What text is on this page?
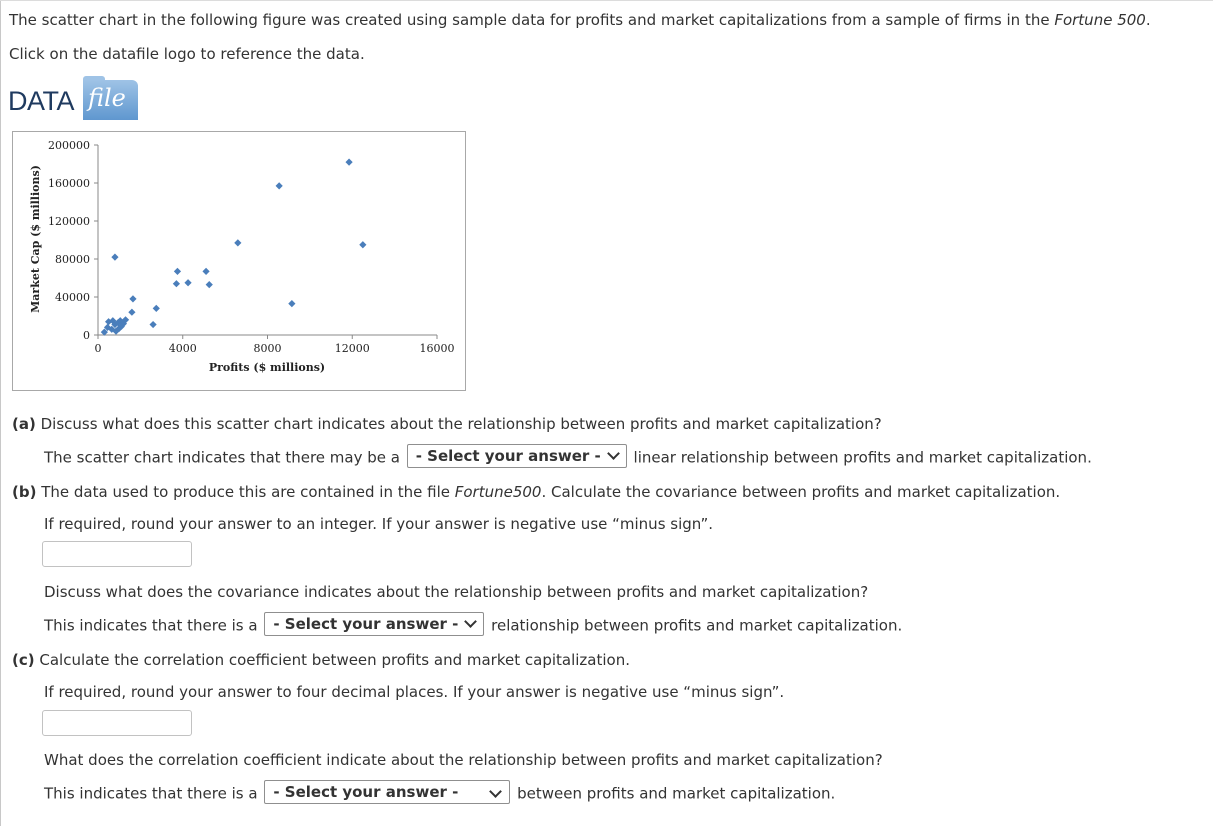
The scatter chart in the following figure was created using sample data for profits and market capitalizations from a sample of firms in the Fortune 500.
Click on the datafile logo to reference the data.
DATA file
0
40000
80000
120000
160000
200000
0	4000	8000	12000	16000
Profits ($ millions)
Market Cap ($ millions)
(a) Discuss what does this scatter chart indicates about the relationship between profits and market capitalization?
The scatter chart indicates that there may be a - Select your answer - linear relationship between profits and market capitalization.
(b) The data used to produce this are contained in the file Fortune500. Calculate the covariance between profits and market capitalization.
If required, round your answer to an integer. If your answer is negative use “minus sign”.
Discuss what does the covariance indicates about the relationship between profits and market capitalization?
This indicates that there is a - Select your answer - relationship between profits and market capitalization.
(c) Calculate the correlation coefficient between profits and market capitalization.
If required, round your answer to four decimal places. If your answer is negative use “minus sign”.
What does the correlation coefficient indicate about the relationship between profits and market capitalization?
This indicates that there is a - Select your answer -	between profits and market capitalization.
